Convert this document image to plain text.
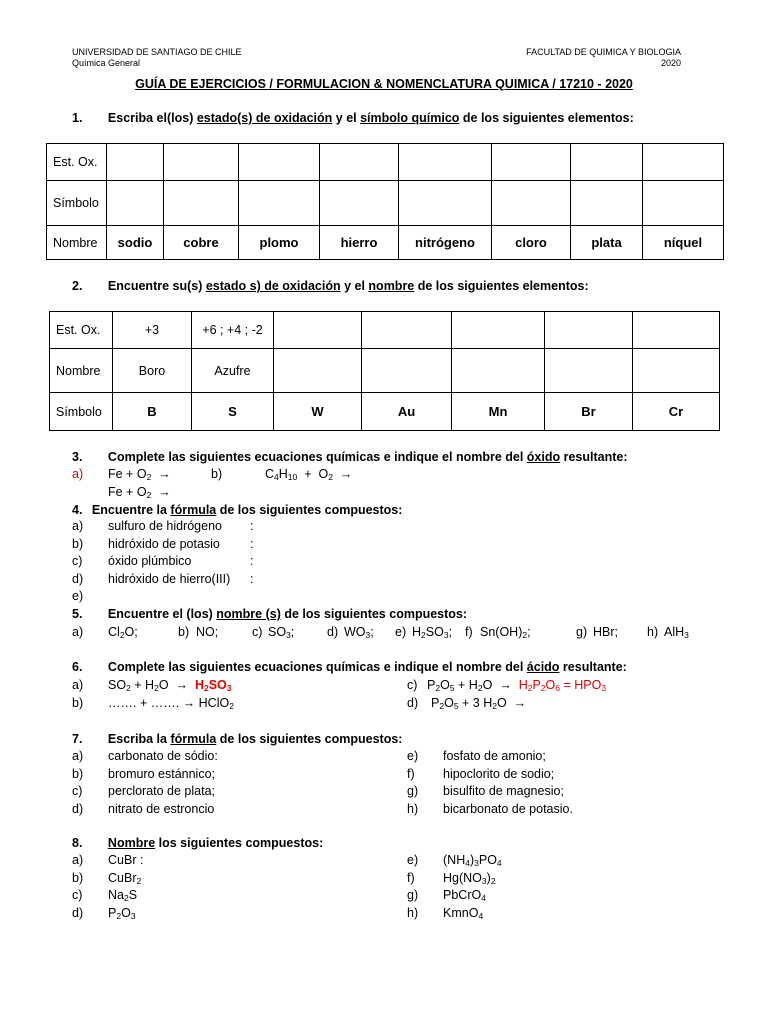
UNIVERSIDAD DE SANTIAGO DE CHILE
Química General
FACULTAD DE QUIMICA Y BIOLOGIA
2020
GUÍA DE EJERCICIOS / FORMULACION & NOMENCLATURA QUIMICA / 17210 - 2020
1. Escriba el(los) estado(s) de oxidación y el símbolo químico de los siguientes elementos:
Est. Ox.								
Símbolo								
Nombre	sodio	cobre	plomo	hierro	nitrógeno	cloro	plata	níquel
2. Encuentre su(s) estado s) de oxidación y el nombre de los siguientes elementos:
Est. Ox.	+3	+6 ; +4 ; -2					
Nombre	Boro	Azufre					
Símbolo	B	S	W	Au	Mn	Br	Cr
3. Complete las siguientes ecuaciones químicas e indique el nombre del óxido resultante:
a) $Fe + O_2$  →	b)	$C_4H_{10} + O_2$  →
$Fe + O_2$  →
4. Encuentre la fórmula de los siguientes compuestos:
a) sulfuro de hidrógeno :
b) hidróxido de potasio :
c) óxido plúmbico	:
d) hidróxido de hierro(III) :
e)
5. Encuentre el (los) nombre (s) de los siguientes compuestos:
a) $Cl_2O$;	b) NO;	c) $SO_3$;	d) $WO_3$; e) $H_2SO_3$; f) $Sn(OH)_2$;	g) HBr; h) AlH$_3$
6. Complete las siguientes ecuaciones químicas e indique el nombre del ácido resultante:
a) $SO_2 + H_2O \to H_2SO_3$
b) ……. + ……. → HClO$_2$
c) $P_2O_5 + H_2O \to H_2P_2O_6 = HPO_3$
d) $P_2O_5 + 3$ $H_2O$  →
7. Escriba la fórmula de los siguientes compuestos:
a) carbonato de sódio:
b) bromuro estánnico;
c) perclorato de plata;
d) nitrato de estroncio
e) fosfato de amonio;
f) hipoclorito de sodio;
g) bisulfito de magnesio;
h) bicarbonato de potasio.
8. Nombre los siguientes compuestos:
a) CuBr :
b) CuBr$_2$
c) $Na_2S$
d) $P_2O_3$
e) $(NH_4)_3PO_4$
f) $Hg(NO_3)_2$
g) PbCrO$_4$
h) KmnO$_4$
